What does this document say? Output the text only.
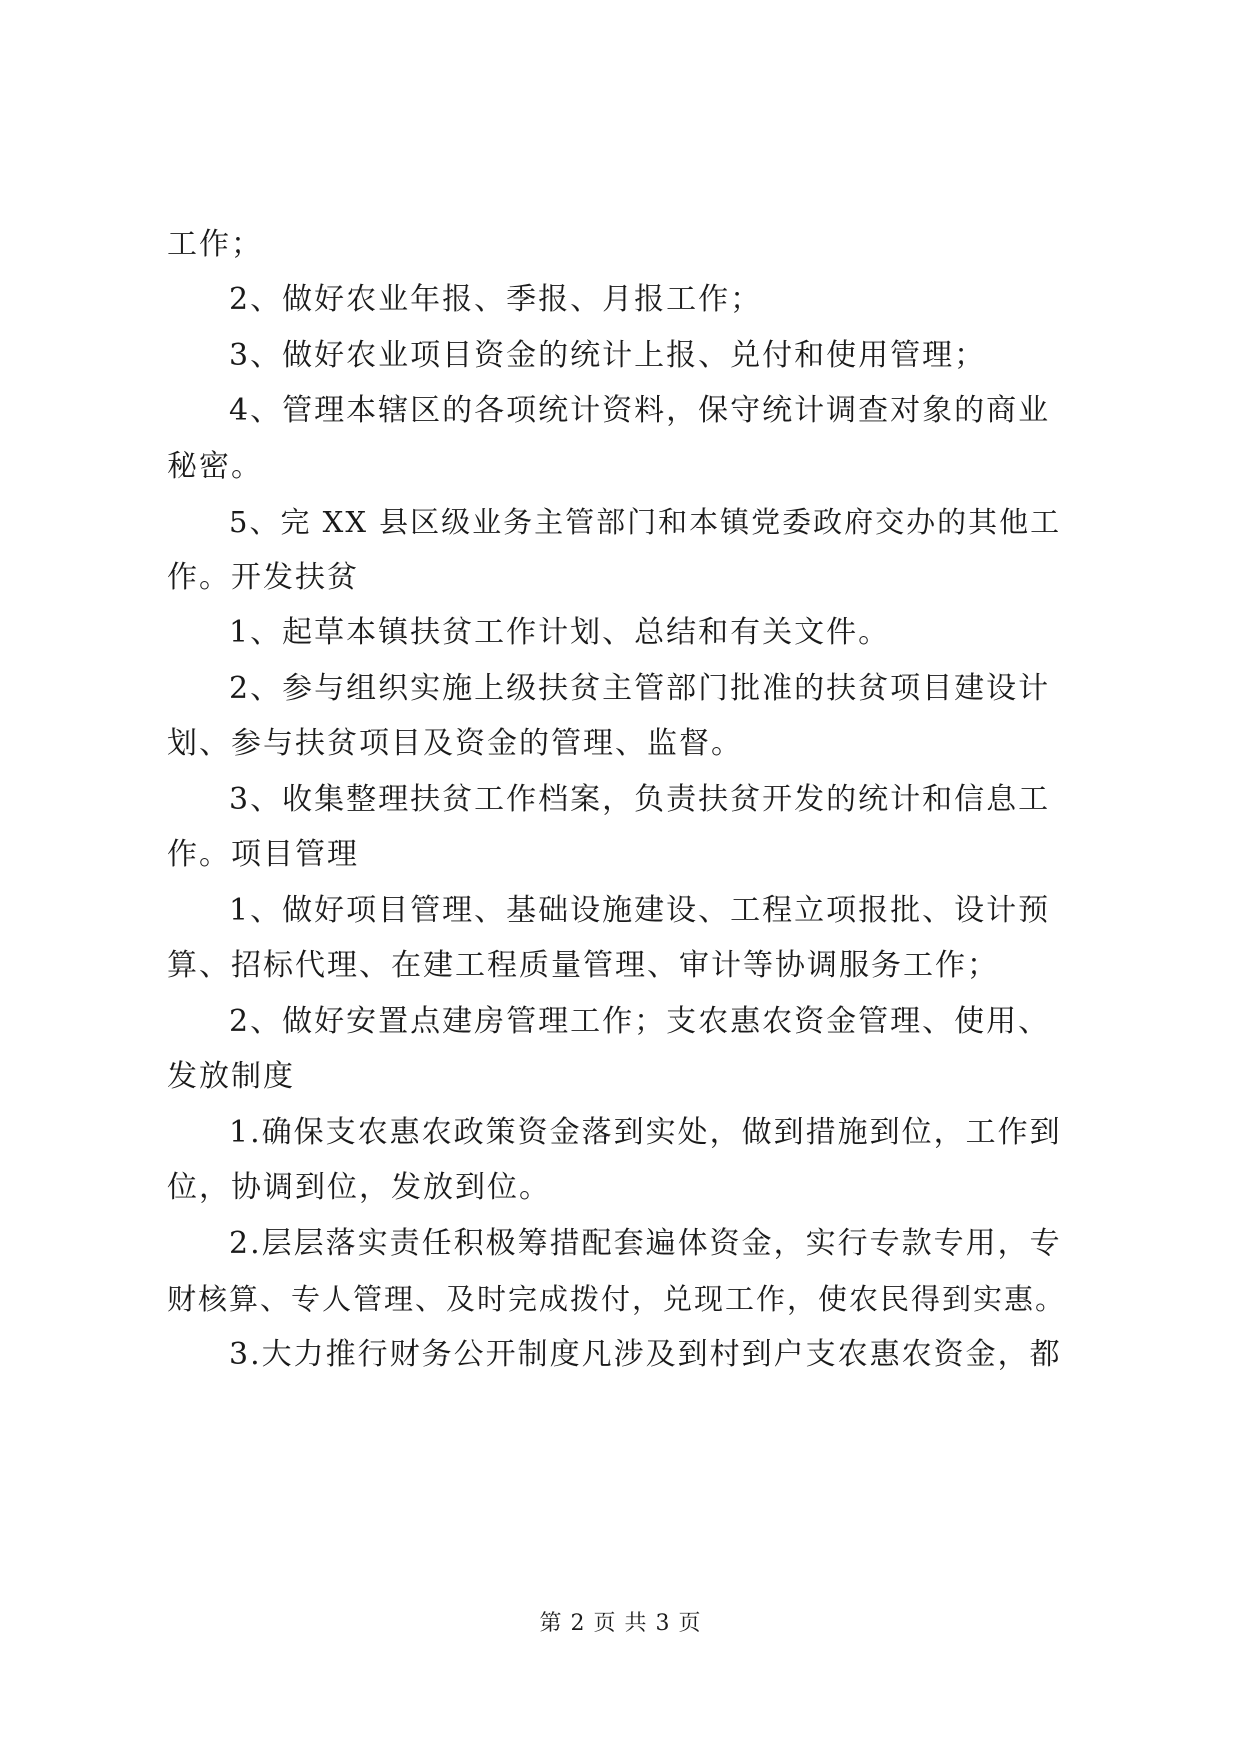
工作；
2、做好农业年报、季报、月报工作；
3、做好农业项目资金的统计上报、兑付和使用管理；
4、管理本辖区的各项统计资料，保守统计调查对象的商业
秘密。
5、完 XX 县区级业务主管部门和本镇党委政府交办的其他工
作。开发扶贫
1、起草本镇扶贫工作计划、总结和有关文件。
2、参与组织实施上级扶贫主管部门批准的扶贫项目建设计
划、参与扶贫项目及资金的管理、监督。
3、收集整理扶贫工作档案，负责扶贫开发的统计和信息工
作。项目管理
1、做好项目管理、基础设施建设、工程立项报批、设计预
算、招标代理、在建工程质量管理、审计等协调服务工作；
2、做好安置点建房管理工作；支农惠农资金管理、使用、
发放制度
1.确保支农惠农政策资金落到实处，做到措施到位，工作到
位，协调到位，发放到位。
2.层层落实责任积极筹措配套遍体资金，实行专款专用，专
财核算、专人管理、及时完成拨付，兑现工作，使农民得到实惠。
3.大力推行财务公开制度凡涉及到村到户支农惠农资金，都
第 2 页 共 3 页
